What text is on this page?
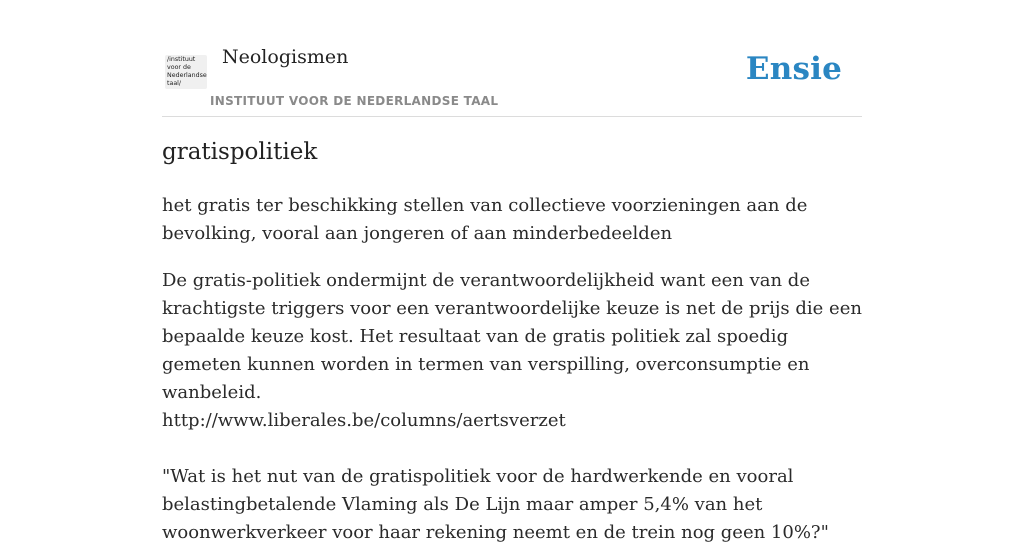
/instituut
voor de
Nederlandse
taal/
Neologismen
INSTITUUT VOOR DE NEDERLANDSE TAAL
Ensie
gratispolitiek
het gratis ter beschikking stellen van collectieve voorzieningen aan de bevolking, vooral aan jongeren of aan minderbedeelden

De gratis-politiek ondermijnt de verantwoordelijkheid want een van de krachtigste triggers voor een verantwoordelijke keuze is net de prijs die een bepaalde keuze kost. Het resultaat van de gratis politiek zal spoedig gemeten kunnen worden in termen van verspilling, overconsumptie en wanbeleid.

http://www.liberales.be/columns/aertsverzet

"Wat is het nut van de gratispolitiek voor de hardwerkende en vooral belastingbetalende Vlaming als De Lijn maar amper 5,4% van het woonwerkverkeer voor haar rekening neemt en de trein nog geen 10%?"
